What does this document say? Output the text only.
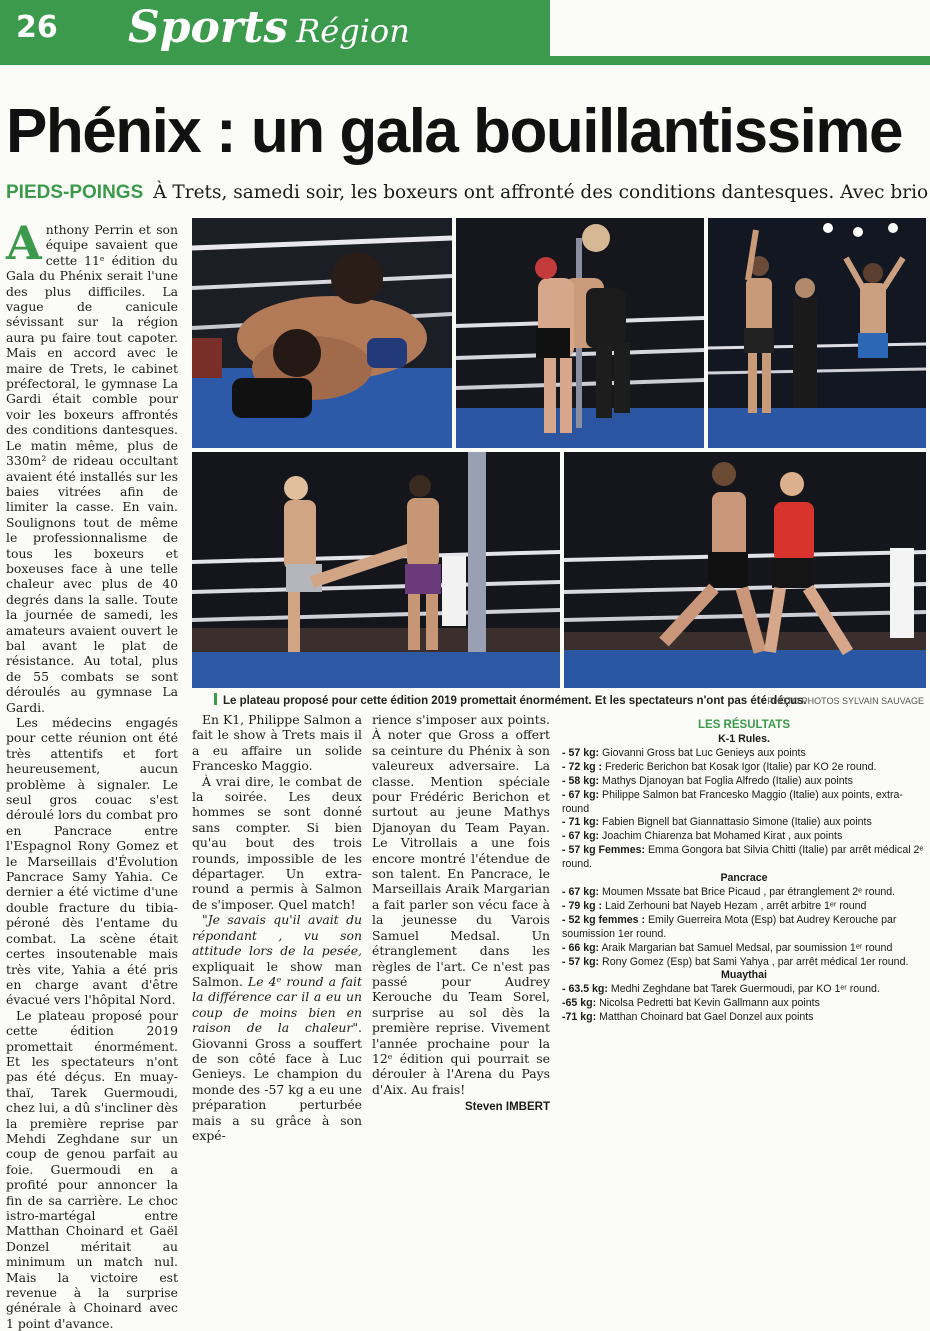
26	Sports Région
Phénix : un gala bouillantissime
PIEDS-POINGS À Trets, samedi soir, les boxeurs ont affronté des conditions dantesques. Avec brio

Anthony Perrin et son équipe savaient que cette 11ᵉ édition du Gala du Phénix serait l'une des plus difficiles. La vague de canicule sévissant sur la région aura pu faire tout capoter. Mais en accord avec le maire de Trets, le cabinet préfectoral, le gymnase La Gardi était comble pour voir les boxeurs affrontés des conditions dantesques. Le matin même, plus de 330m² de rideau occultant avaient été installés sur les baies vitrées afin de limiter la casse. En vain. Soulignons tout de même le professionnalisme de tous les boxeurs et boxeuses face à une telle chaleur avec plus de 40 degrés dans la salle. Toute la journée de samedi, les amateurs avaient ouvert le bal avant le plat de résistance. Au total, plus de 55 combats se sont déroulés au gymnase La Gardi.

Les médecins engagés pour cette réunion ont été très attentifs et fort heureusement, aucun problème à signaler. Le seul gros couac s'est déroulé lors du combat pro en Pancrace entre l'Espagnol Rony Gomez et le Marseillais d'Évolution Pancrace Samy Yahia. Ce dernier a été victime d'une double fracture du tibia-péroné dès l'entame du combat. La scène était certes insoutenable mais très vite, Yahia a été pris en charge avant d'être évacué vers l'hôpital Nord.

Le plateau proposé pour cette édition 2019 promettait énormément. Et les spectateurs n'ont pas été déçus. En muay-thaï, Tarek Guermoudi, chez lui, a dû s'incliner dès la première reprise par Mehdi Zeghdane sur un coup de genou parfait au foie. Guermoudi en a profité pour annoncer la fin de sa carrière. Le choc istro-martégal entre Matthan Choinard et Gaël Donzel méritait au minimum un match nul. Mais la victoire est revenue à la surprise générale à Choinard avec 1 point d'avance.

Le plateau proposé pour cette édition 2019 promettait énormément. Et les spectateurs n'ont pas été déçus.
/ PHOTO PHOTOS SYLVAIN SAUVAGE

En K1, Philippe Salmon a fait le show à Trets mais il a eu affaire un solide Francesko Maggio.

À vrai dire, le combat de la soirée. Les deux hommes se sont donné sans compter. Si bien qu'au bout des trois rounds, impossible de les départager. Un extra-round a permis à Salmon de s'imposer. Quel match!

"Je savais qu'il avait du répondant , vu son attitude lors de la pesée, expliquait le show man Salmon. Le 4ᵉ round a fait la différence car il a eu un coup de moins bien en raison de la chaleur". Giovanni Gross a souffert de son côté face à Luc Genieys. Le champion du monde des -57 kg a eu une préparation perturbée mais a su grâce à son expé-

rience s'imposer aux points. À noter que Gross a offert sa ceinture du Phénix à son valeureux adversaire. La classe. Mention spéciale pour Frédéric Berichon et surtout au jeune Mathys Djanoyan du Team Payan. Le Vitrollais a une fois encore montré l'étendue de son talent. En Pancrace, le Marseillais Araik Margarian a fait parler son vécu face à la jeunesse du Varois Samuel Medsal. Un étranglement dans les règles de l'art. Ce n'est pas passé pour Audrey Kerouche du Team Sorel, surprise au sol dès la première reprise. Vivement l'année prochaine pour la 12ᵉ édition qui pourrait se dérouler à l'Arena du Pays d'Aix. Au frais!

Steven IMBERT
LES RÉSULTATS
K-1 Rules.
- 57 kg: Giovanni Gross bat Luc Genieys aux points
- 72 kg : Frederic Berichon bat Kosak Igor (Italie) par KO 2e round.
- 58 kg: Mathys Djanoyan bat Foglia Alfredo (Italie) aux points
- 67 kg: Philippe Salmon bat Francesko Maggio (Italie) aux points, extra-round
- 71 kg: Fabien Bignell bat Giannattasio Simone (Italie) aux points
- 67 kg: Joachim Chiarenza bat Mohamed Kirat , aux points
- 57 kg Femmes: Emma Gongora bat Silvia Chitti (Italie) par arrêt médical 2ᵉ round.
Pancrace
- 67 kg: Moumen Mssate bat Brice Picaud , par étranglement 2ᵉ round.
- 79 kg : Laid Zerhouni bat Nayeb Hezam , arrêt arbitre 1ᵉʳ round
- 52 kg femmes : Emily Guerreira Mota (Esp) bat Audrey Kerouche par soumission 1er round.
- 66 kg: Araik Margarian bat Samuel Medsal, par soumission 1ᵉʳ round
- 57 kg: Rony Gomez (Esp) bat Sami Yahya , par arrêt médical 1er round.
Muaythai
- 63.5 kg: Medhi Zeghdane bat Tarek Guermoudi, par KO 1ᵉʳ round.
-65 kg: Nicolsa Pedretti bat Kevin Gallmann aux points
-71 kg: Matthan Choinard bat Gael Donzel aux points
